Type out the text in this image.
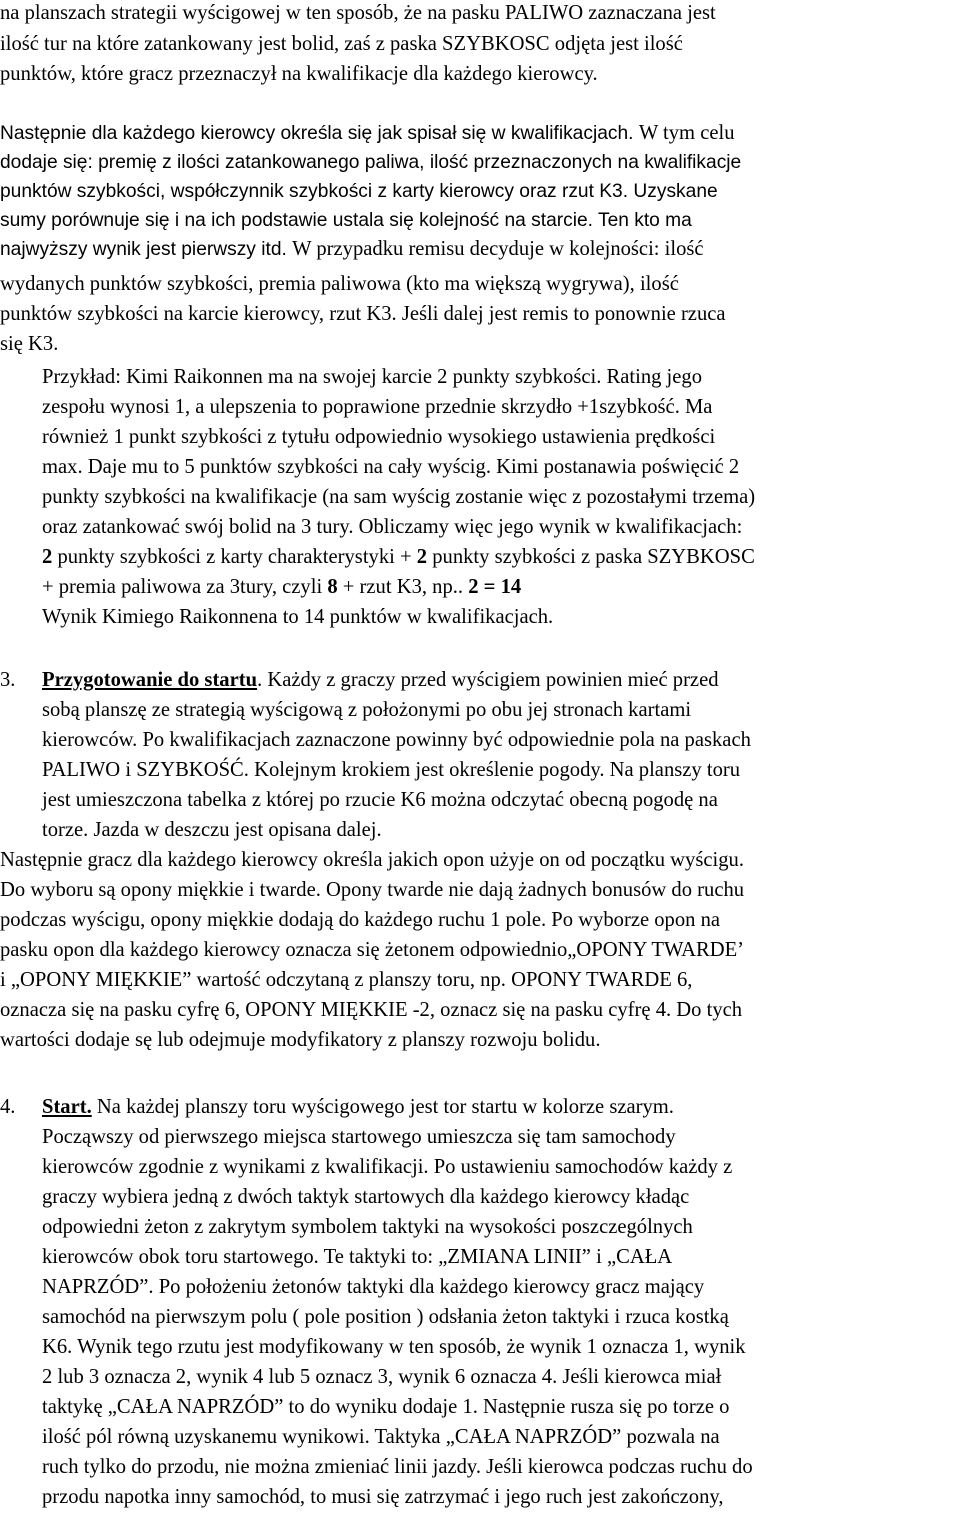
na planszach strategii wyścigowej w ten sposób, że na pasku PALIWO zaznaczana jest
ilość tur na które zatankowany jest bolid, zaś z paska SZYBKOSC odjęta jest ilość
punktów, które gracz przeznaczył na kwalifikacje dla każdego kierowcy.
Następnie dla każdego kierowcy określa się jak spisał się w kwalifikacjach. W tym celu
dodaje się: premię z ilości zatankowanego paliwa, ilość przeznaczonych na kwalifikacje
punktów szybkości, współczynnik szybkości z karty kierowcy oraz rzut K3. Uzyskane
sumy porównuje się i na ich podstawie ustala się kolejność na starcie. Ten kto ma
najwyższy wynik jest pierwszy itd. W przypadku remisu decyduje w kolejności: ilość
wydanych punktów szybkości, premia paliwowa (kto ma większą wygrywa), ilość
punktów szybkości na karcie kierowcy, rzut K3. Jeśli dalej jest remis to ponownie rzuca
się K3.
Przykład: Kimi Raikonnen ma na swojej karcie 2 punkty szybkości. Rating jego
zespołu wynosi 1, a ulepszenia to poprawione przednie skrzydło +1szybkość. Ma
również 1 punkt szybkości z tytułu odpowiednio wysokiego ustawienia prędkości
max. Daje mu to 5 punktów szybkości na cały wyścig. Kimi postanawia poświęcić 2
punkty szybkości na kwalifikacje (na sam wyścig zostanie więc z pozostałymi trzema)
oraz zatankować swój bolid na 3 tury. Obliczamy więc jego wynik w kwalifikacjach:
2 punkty szybkości z karty charakterystyki + 2 punkty szybkości z paska SZYBKOSC
+ premia paliwowa za 3tury, czyli 8 + rzut K3, np.. 2 = 14
Wynik Kimiego Raikonnena to 14 punktów w kwalifikacjach.
3. Przygotowanie do startu. Każdy z graczy przed wyścigiem powinien mieć przed
sobą planszę ze strategią wyścigową z położonymi po obu jej stronach kartami
kierowców. Po kwalifikacjach zaznaczone powinny być odpowiednie pola na paskach
PALIWO i SZYBKOŚĆ. Kolejnym krokiem jest określenie pogody. Na planszy toru
jest umieszczona tabelka z której po rzucie K6 można odczytać obecną pogodę na
torze. Jazda w deszczu jest opisana dalej.
Następnie gracz dla każdego kierowcy określa jakich opon użyje on od początku wyścigu.
Do wyboru są opony miękkie i twarde. Opony twarde nie dają żadnych bonusów do ruchu
podczas wyścigu, opony miękkie dodają do każdego ruchu 1 pole. Po wyborze opon na
pasku opon dla każdego kierowcy oznacza się żetonem odpowiednio„OPONY TWARDE’
i „OPONY MIĘKKIE” wartość odczytaną z planszy toru, np. OPONY TWARDE 6,
oznacza się na pasku cyfrę 6, OPONY MIĘKKIE -2, oznacz się na pasku cyfrę 4. Do tych
wartości dodaje sę lub odejmuje modyfikatory z planszy rozwoju bolidu.
4. Start. Na każdej planszy toru wyścigowego jest tor startu w kolorze szarym.
Począwszy od pierwszego miejsca startowego umieszcza się tam samochody
kierowców zgodnie z wynikami z kwalifikacji. Po ustawieniu samochodów każdy z
graczy wybiera jedną z dwóch taktyk startowych dla każdego kierowcy kładąc
odpowiedni żeton z zakrytym symbolem taktyki na wysokości poszczególnych
kierowców obok toru startowego. Te taktyki to: „ZMIANA LINII” i „CAŁA
NAPRZÓD”. Po położeniu żetonów taktyki dla każdego kierowcy gracz mający
samochód na pierwszym polu ( pole position ) odsłania żeton taktyki i rzuca kostką
K6. Wynik tego rzutu jest modyfikowany w ten sposób, że wynik 1 oznacza 1, wynik
2 lub 3 oznacza 2, wynik 4 lub 5 oznacz 3, wynik 6 oznacza 4. Jeśli kierowca miał
taktykę „CAŁA NAPRZÓD” to do wyniku dodaje 1. Następnie rusza się po torze o
ilość pól równą uzyskanemu wynikowi. Taktyka „CAŁA NAPRZÓD” pozwala na
ruch tylko do przodu, nie można zmieniać linii jazdy. Jeśli kierowca podczas ruchu do
przodu napotka inny samochód, to musi się zatrzymać i jego ruch jest zakończony,
